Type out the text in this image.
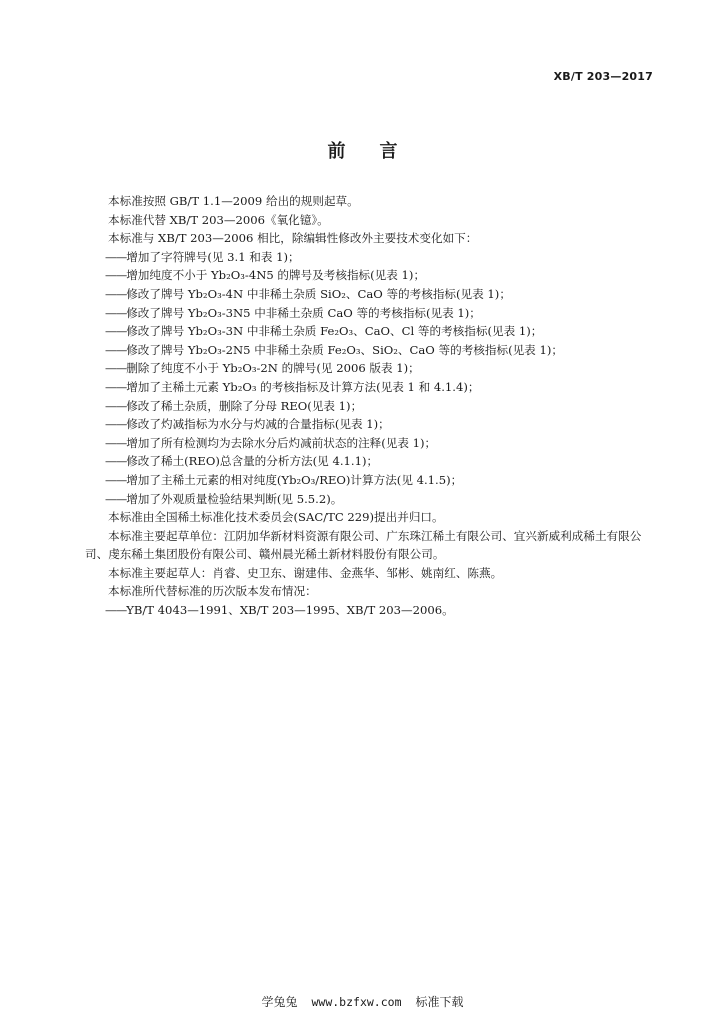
XB/T 203—2017
前言
本标准按照 GB/T 1.1—2009 给出的规则起草。
本标准代替 XB/T 203—2006《氧化镱》。
本标准与 XB/T 203—2006 相比，除编辑性修改外主要技术变化如下：
——增加了字符牌号(见 3.1 和表 1)；
——增加纯度不小于 Yb₂O₃-4N5 的牌号及考核指标(见表 1)；
——修改了牌号 Yb₂O₃-4N 中非稀土杂质 SiO₂、CaO 等的考核指标(见表 1)；
——修改了牌号 Yb₂O₃-3N5 中非稀土杂质 CaO 等的考核指标(见表 1)；
——修改了牌号 Yb₂O₃-3N 中非稀土杂质 Fe₂O₃、CaO、Cl 等的考核指标(见表 1)；
——修改了牌号 Yb₂O₃-2N5 中非稀土杂质 Fe₂O₃、SiO₂、CaO 等的考核指标(见表 1)；
——删除了纯度不小于 Yb₂O₃-2N 的牌号(见 2006 版表 1)；
——增加了主稀土元素 Yb₂O₃ 的考核指标及计算方法(见表 1 和 4.1.4)；
——修改了稀土杂质，删除了分母 REO(见表 1)；
——修改了灼减指标为水分与灼减的合量指标(见表 1)；
——增加了所有检测均为去除水分后灼减前状态的注释(见表 1)；
——修改了稀土(REO)总含量的分析方法(见 4.1.1)；
——增加了主稀土元素的相对纯度(Yb₂O₃/REO)计算方法(见 4.1.5)；
——增加了外观质量检验结果判断(见 5.5.2)。
本标准由全国稀土标准化技术委员会(SAC/TC 229)提出并归口。
本标准主要起草单位：江阴加华新材料资源有限公司、广东珠江稀土有限公司、宜兴新威利成稀土有限公司、虔东稀土集团股份有限公司、赣州晨光稀土新材料股份有限公司。
本标准主要起草人：肖睿、史卫东、谢建伟、金燕华、邹彬、姚南红、陈燕。
本标准所代替标准的历次版本发布情况：
——YB/T 4043—1991、XB/T 203—1995、XB/T 203—2006。
学兔兔 www.bzfxw.com 标准下载
